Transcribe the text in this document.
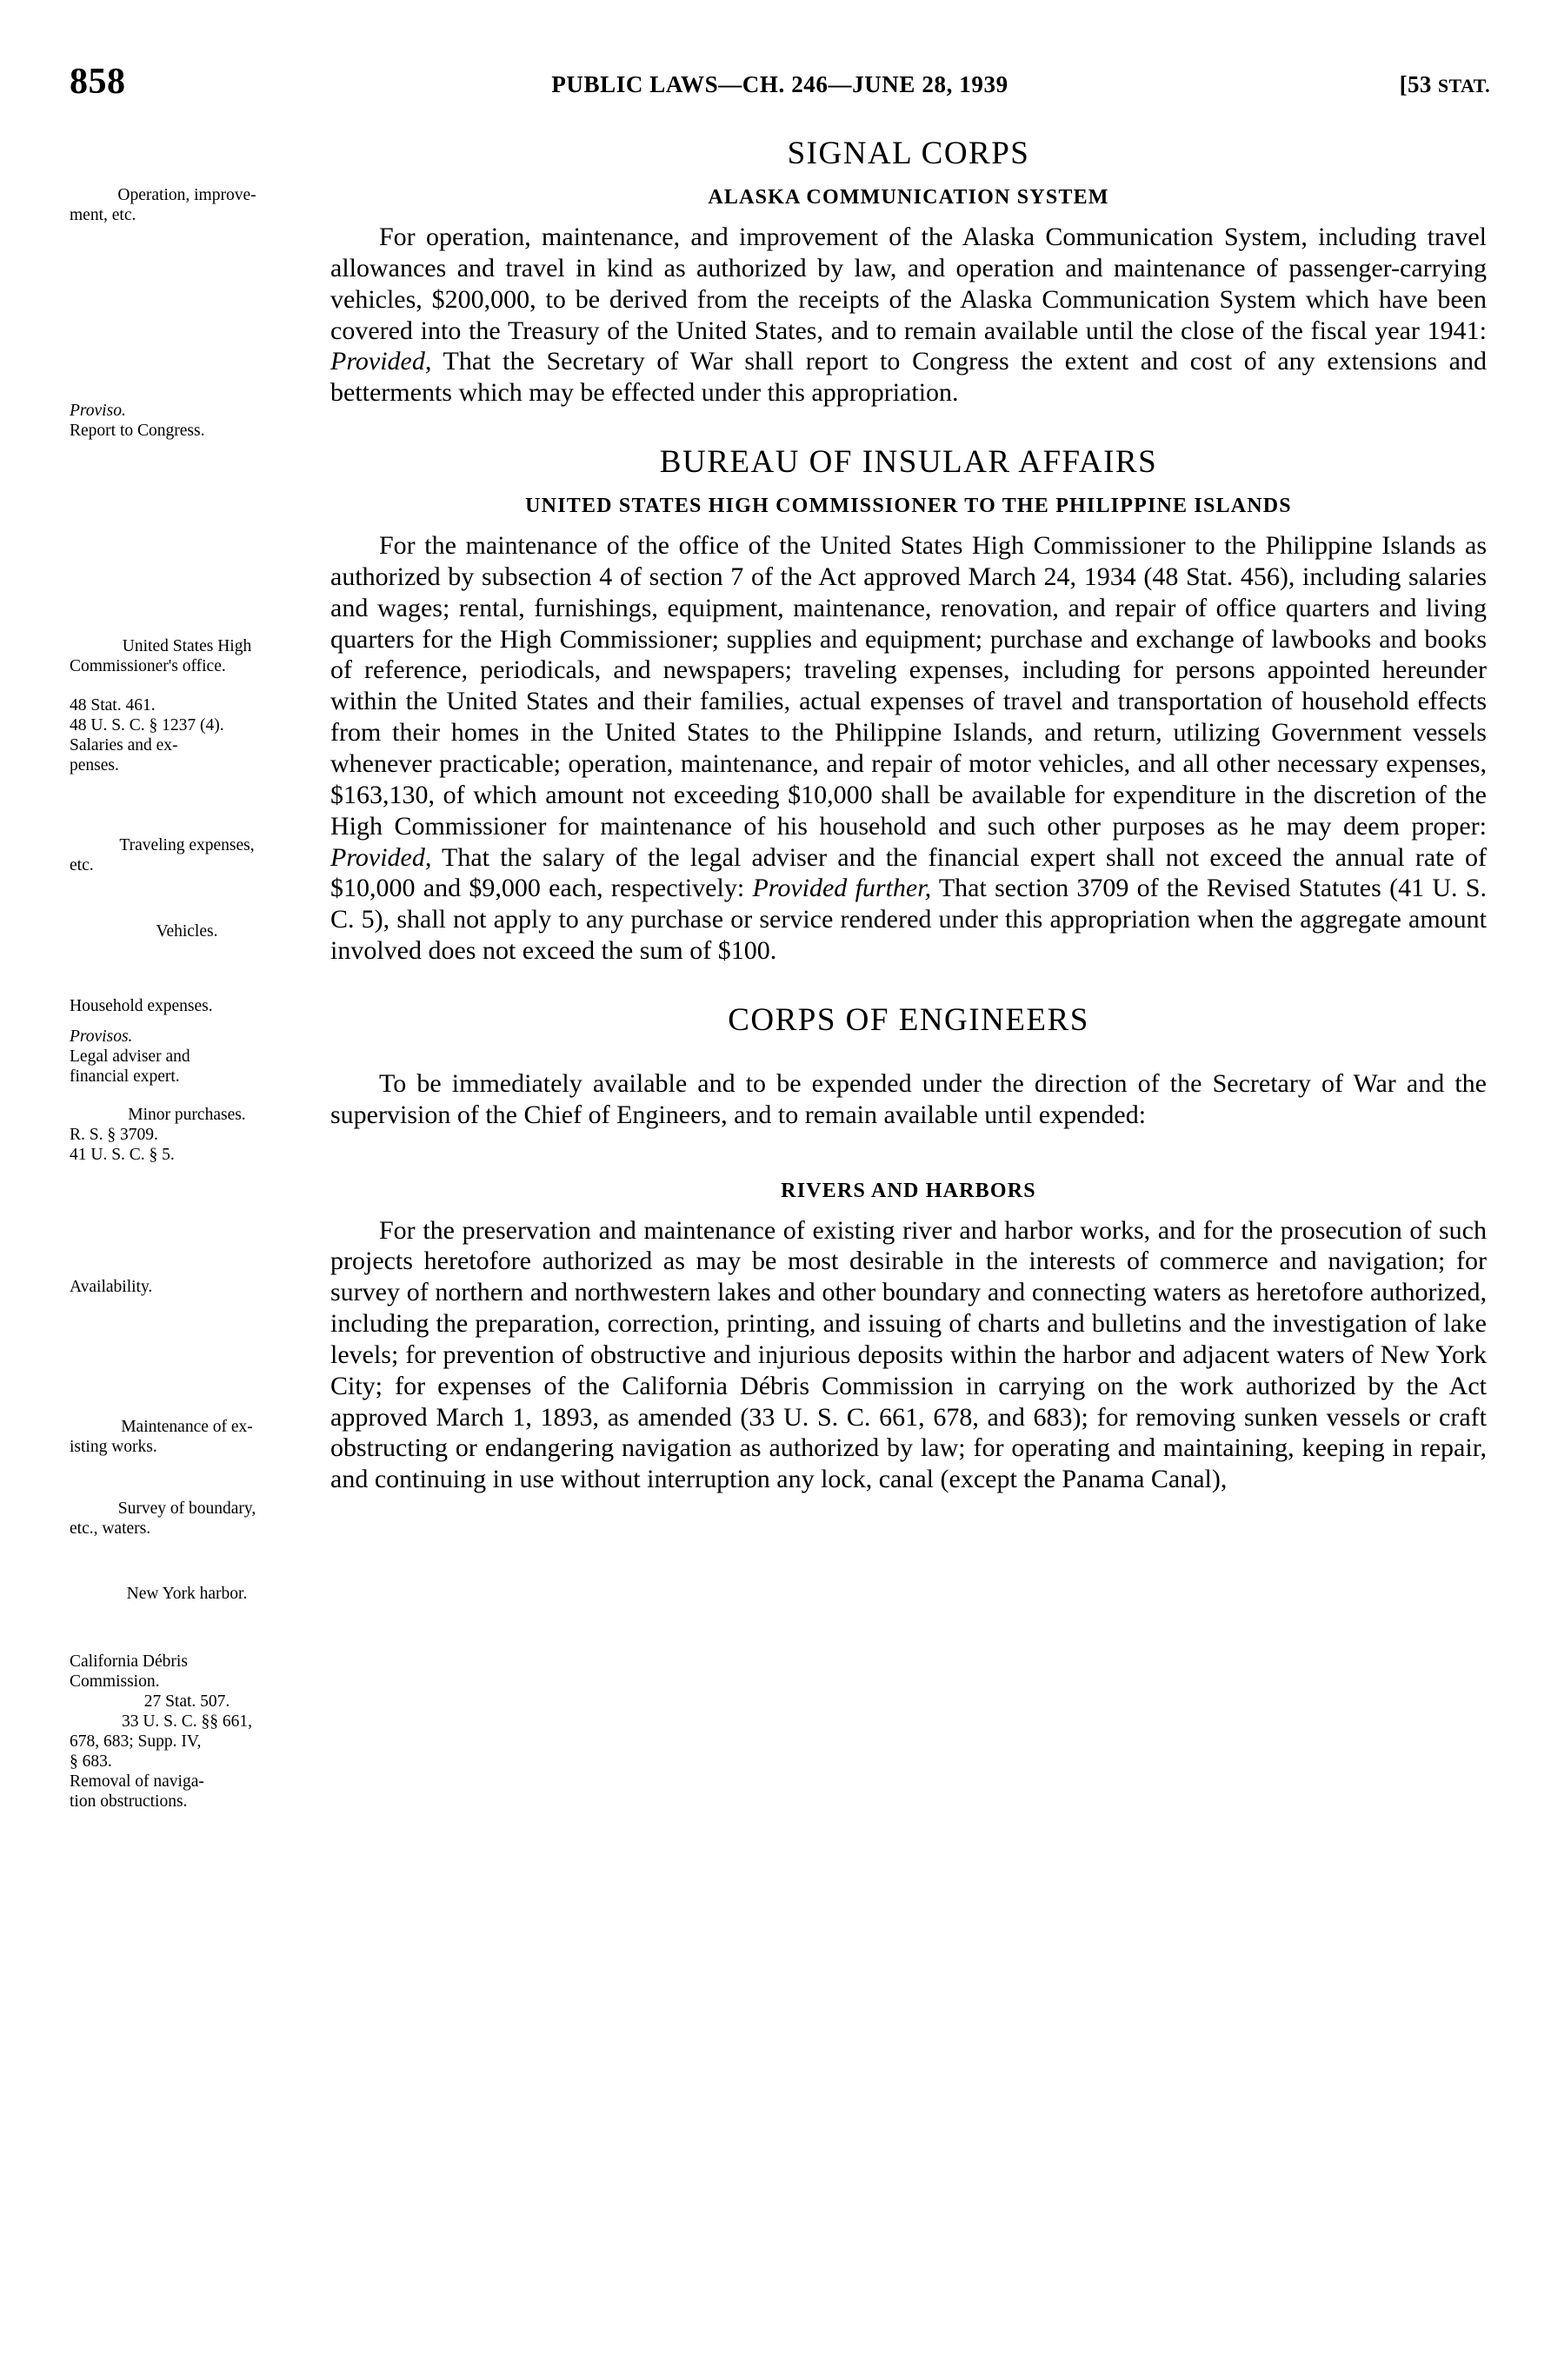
858	PUBLIC LAWS—CH. 246—JUNE 28, 1939	[53 STAT.
Operation, improve-
ment, etc.
Proviso.
Report to Congress.
United States High
Commissioner's office.
48 Stat. 461.
48 U. S. C. § 1237 (4).
Salaries and ex-
penses.
Traveling expenses,
etc.
Vehicles.
Household expenses.
Provisos.
Legal adviser and
financial expert.
Minor purchases.
R. S. § 3709.
41 U. S. C. § 5.
Availability.
Maintenance of ex-
isting works.
Survey of boundary,
etc., waters.
New York harbor.
California Débris
Commission.
27 Stat. 507.
33 U. S. C. §§ 661,
678, 683; Supp. IV,
§ 683.
Removal of naviga-
tion obstructions.
SIGNAL CORPS
ALASKA COMMUNICATION SYSTEM

For operation, maintenance, and improvement of the Alaska Communication System, including travel allowances and travel in kind as authorized by law, and operation and maintenance of passenger-carrying vehicles, $200,000, to be derived from the receipts of the Alaska Communication System which have been covered into the Treasury of the United States, and to remain available until the close of the fiscal year 1941: Provided, That the Secretary of War shall report to Congress the extent and cost of any extensions and betterments which may be effected under this appropriation.

BUREAU OF INSULAR AFFAIRS
UNITED STATES HIGH COMMISSIONER TO THE PHILIPPINE ISLANDS

For the maintenance of the office of the United States High Commissioner to the Philippine Islands as authorized by subsection 4 of section 7 of the Act approved March 24, 1934 (48 Stat. 456), including salaries and wages; rental, furnishings, equipment, maintenance, renovation, and repair of office quarters and living quarters for the High Commissioner; supplies and equipment; purchase and exchange of lawbooks and books of reference, periodicals, and newspapers; traveling expenses, including for persons appointed hereunder within the United States and their families, actual expenses of travel and transportation of household effects from their homes in the United States to the Philippine Islands, and return, utilizing Government vessels whenever practicable; operation, maintenance, and repair of motor vehicles, and all other necessary expenses, $163,130, of which amount not exceeding $10,000 shall be available for expenditure in the discretion of the High Commissioner for maintenance of his household and such other purposes as he may deem proper: Provided, That the salary of the legal adviser and the financial expert shall not exceed the annual rate of $10,000 and $9,000 each, respectively: Provided further, That section 3709 of the Revised Statutes (41 U. S. C. 5), shall not apply to any purchase or service rendered under this appropriation when the aggregate amount involved does not exceed the sum of $100.

CORPS OF ENGINEERS

To be immediately available and to be expended under the direction of the Secretary of War and the supervision of the Chief of Engineers, and to remain available until expended:

RIVERS AND HARBORS

For the preservation and maintenance of existing river and harbor works, and for the prosecution of such projects heretofore authorized as may be most desirable in the interests of commerce and navigation; for survey of northern and northwestern lakes and other boundary and connecting waters as heretofore authorized, including the preparation, correction, printing, and issuing of charts and bulletins and the investigation of lake levels; for prevention of obstructive and injurious deposits within the harbor and adjacent waters of New York City; for expenses of the California Débris Commission in carrying on the work authorized by the Act approved March 1, 1893, as amended (33 U. S. C. 661, 678, and 683); for removing sunken vessels or craft obstructing or endangering navigation as authorized by law; for operating and maintaining, keeping in repair, and continuing in use without interruption any lock, canal (except the Panama Canal),
